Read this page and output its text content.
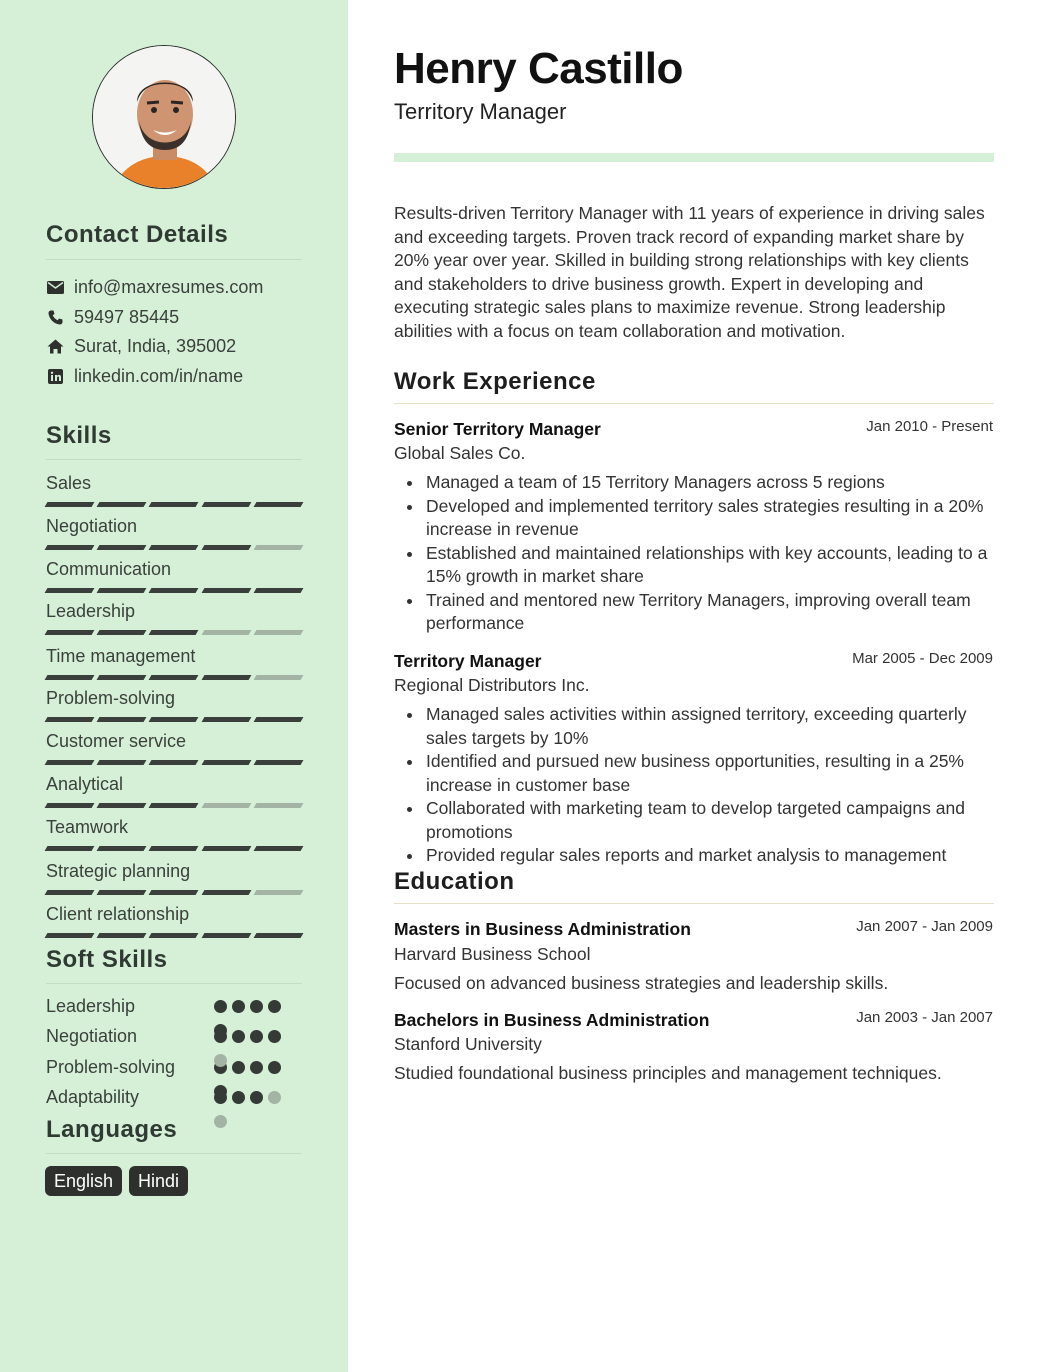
Contact Details
info@maxresumes.com
59497 85445
Surat, India, 395002
linkedin.com/in/name
Skills
Sales
Negotiation
Communication
Leadership
Time management
Problem-solving
Customer service
Analytical
Teamwork
Strategic planning
Client relationship
Soft Skills
Leadership
Negotiation
Problem-solving
Adaptability
Languages
English	Hindi
Henry Castillo
Territory Manager
Results-driven Territory Manager with 11 years of experience in driving sales and exceeding targets. Proven track record of expanding market share by 20% year over year. Skilled in building strong relationships with key clients and stakeholders to drive business growth. Expert in developing and executing strategic sales plans to maximize revenue. Strong leadership abilities with a focus on team collaboration and motivation.
Work Experience
Senior Territory Manager	Jan 2010 - Present
Global Sales Co.
Managed a team of 15 Territory Managers across 5 regions
Developed and implemented territory sales strategies resulting in a 20% increase in revenue
Established and maintained relationships with key accounts, leading to a 15% growth in market share
Trained and mentored new Territory Managers, improving overall team performance
Territory Manager	Mar 2005 - Dec 2009
Regional Distributors Inc.
Managed sales activities within assigned territory, exceeding quarterly sales targets by 10%
Identified and pursued new business opportunities, resulting in a 25% increase in customer base
Collaborated with marketing team to develop targeted campaigns and promotions
Provided regular sales reports and market analysis to management
Education
Masters in Business Administration	Jan 2007 - Jan 2009
Harvard Business School
Focused on advanced business strategies and leadership skills.
Bachelors in Business Administration	Jan 2003 - Jan 2007
Stanford University
Studied foundational business principles and management techniques.
